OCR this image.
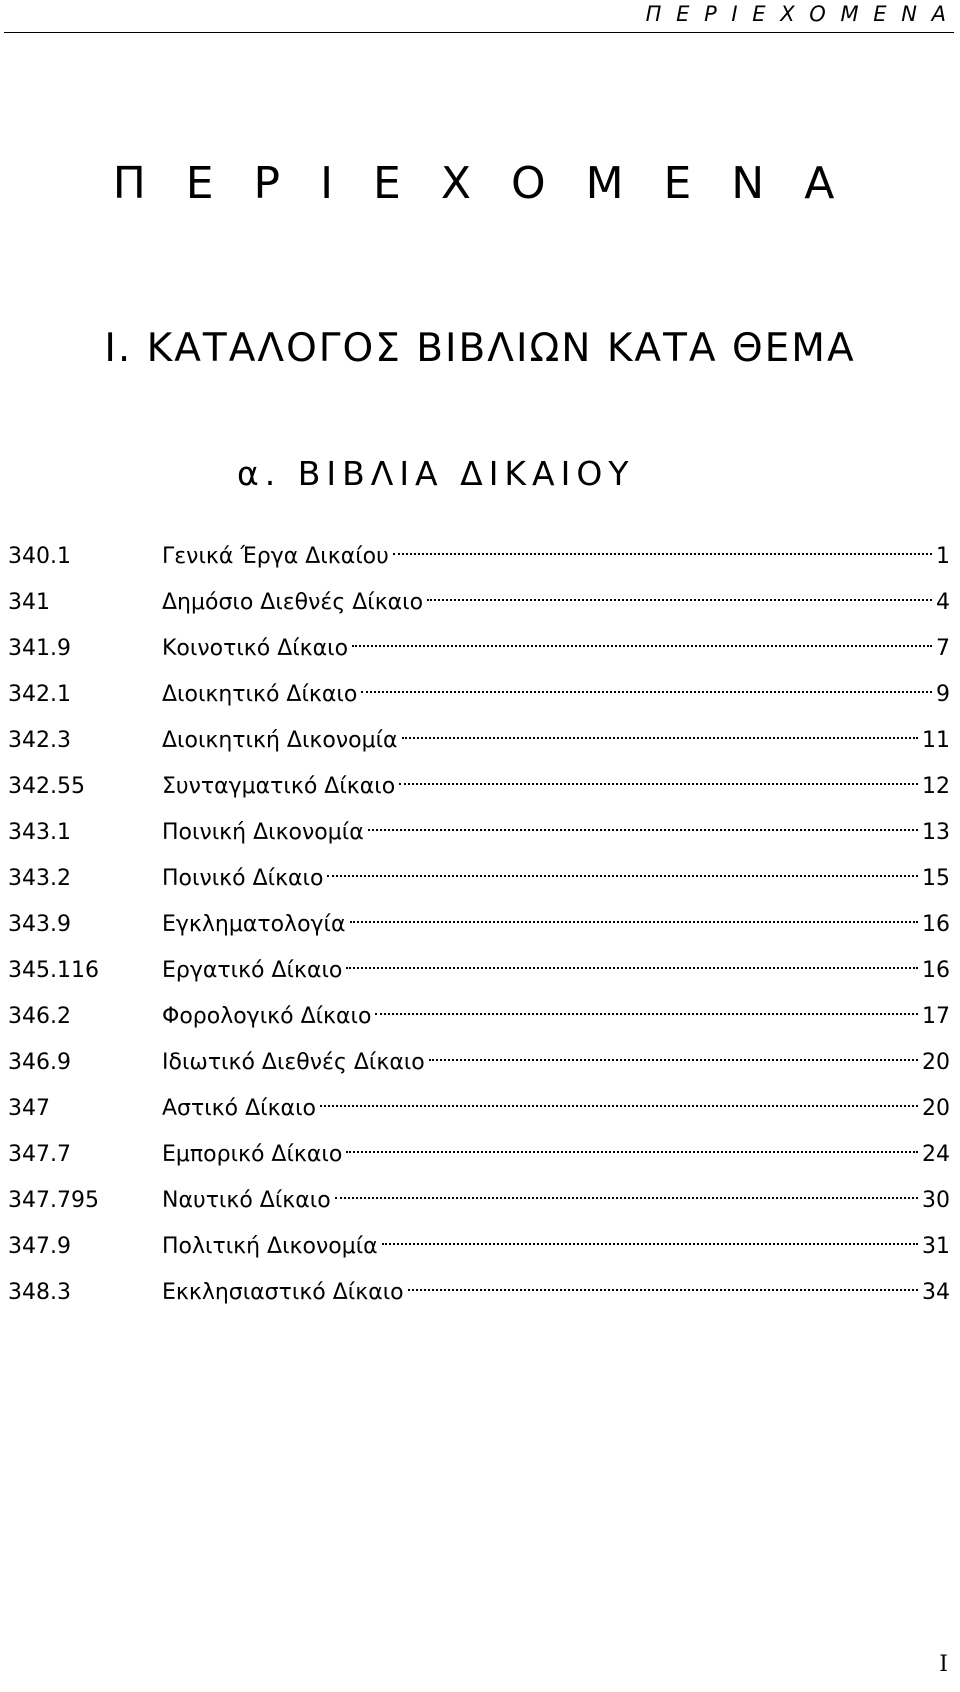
Π Ε Ρ Ι Ε Χ Ο Μ Ε Ν Α
Π Ε Ρ Ι Ε Χ Ο Μ Ε Ν Α
Ι. ΚΑΤΑΛΟΓΟΣ ΒΙΒΛΙΩΝ ΚΑΤΑ ΘΕΜΑ
α. ΒΙΒΛΙΑ ΔΙΚΑΙΟΥ
340.1	Γενικά Έργα Δικαίου	1
341	Δημόσιο Διεθνές Δίκαιο	4
341.9	Κοινοτικό Δίκαιο	7
342.1	Διοικητικό Δίκαιο	9
342.3	Διοικητική Δικονομία	11
342.55	Συνταγματικό Δίκαιο	12
343.1	Ποινική Δικονομία	13
343.2	Ποινικό Δίκαιο	15
343.9	Εγκληματολογία	16
345.116	Εργατικό Δίκαιο	16
346.2	Φορολογικό Δίκαιο	17
346.9	Ιδιωτικό Διεθνές Δίκαιο	20
347	Αστικό Δίκαιο	20
347.7	Εμπορικό Δίκαιο	24
347.795	Ναυτικό Δίκαιο	30
347.9	Πολιτική Δικονομία	31
348.3	Εκκλησιαστικό Δίκαιο	34
I
